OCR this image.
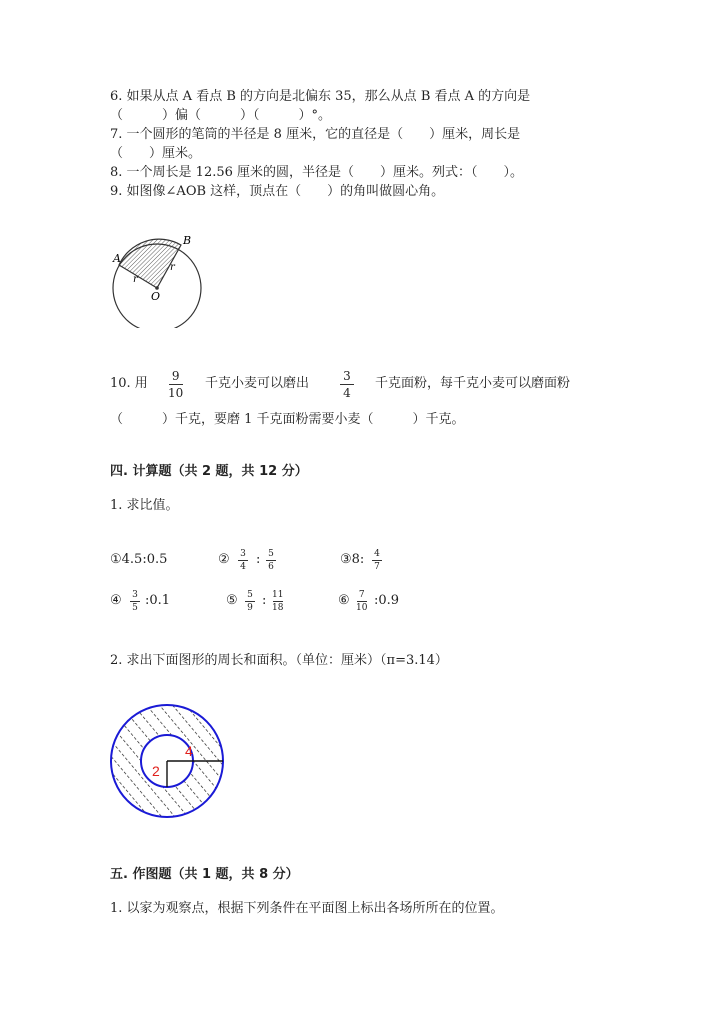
6. 如果从点 A 看点 B 的方向是北偏东 35，那么从点 B 看点 A 的方向是
（　　　）偏（　　　）（　　　）°。
7. 一个圆形的笔筒的半径是 8 厘米，它的直径是（　　）厘米，周长是
（　　）厘米。
8. 一个周长是 12.56 厘米的圆，半径是（　　）厘米。列式：（　　）。
9. 如图像∠AOB 这样，顶点在（　　）的角叫做圆心角。
A
B
r
r
O
10. 用 9
10
千克小麦可以磨出	3
4
千克面粉，每千克小麦可以磨面粉
（　　　）千克，要磨 1 千克面粉需要小麦（　　　）千克。
四. 计算题（共 2 题，共 12 分）
1. 求比值。
①4.5:0.5	② 3
4 : 5
6	③8: 4
7
④ 3
5 :0.1	⑤ 5
9 : 11
18	⑥ 7
10 :0.9
2. 求出下面图形的周长和面积。（单位：厘米）（π=3.14）
2
4
五. 作图题（共 1 题，共 8 分）
1. 以家为观察点，根据下列条件在平面图上标出各场所所在的位置。
